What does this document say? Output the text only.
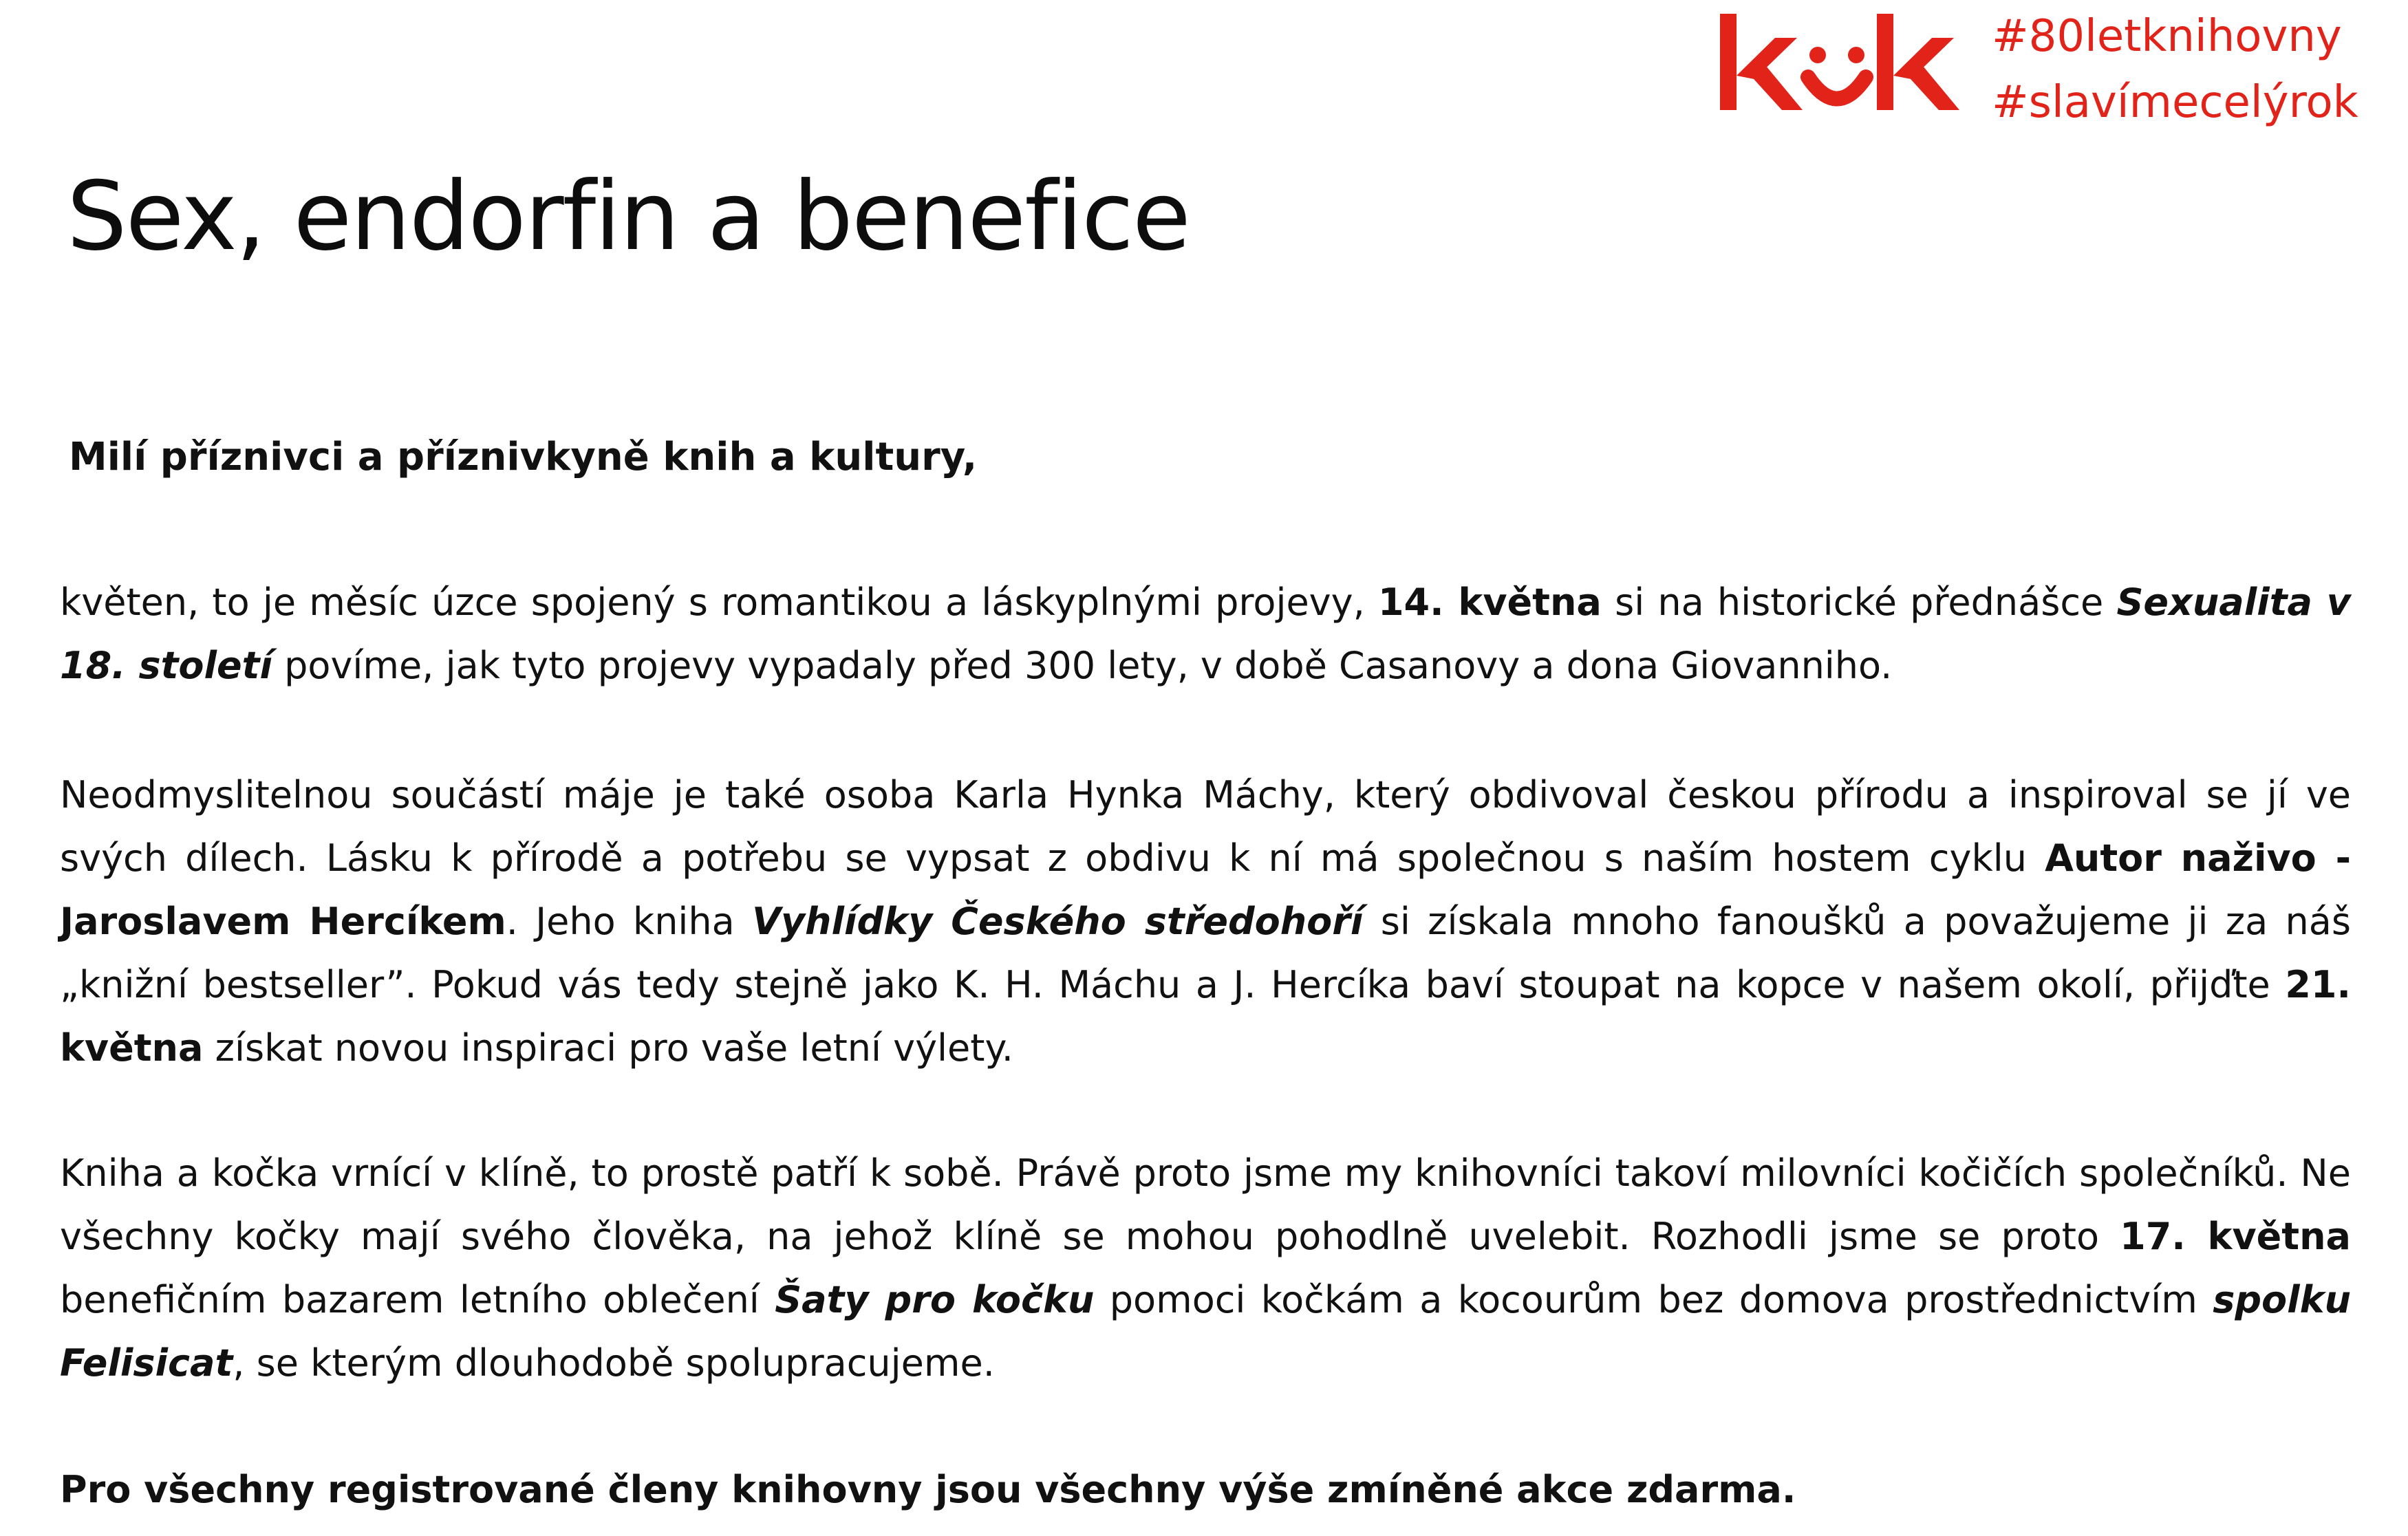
#80letknihovny
#slavímecelýrok
Sex, endorfin a benefice

Milí příznivci a příznivkyně knih a kultury,

květen, to je měsíc úzce spojený s romantikou a láskyplnými projevy, 14. května si na historické přednášce Sexualita v 18. století povíme, jak tyto projevy vypadaly před 300 lety, v době Casanovy a dona Giovanniho.

Neodmyslitelnou součástí máje je také osoba Karla Hynka Máchy, který obdivoval českou přírodu a inspiroval se jí ve svých dílech. Lásku k přírodě a potřebu se vypsat z obdivu k ní má společnou s naším hostem cyklu Autor naživo - Jaroslavem Hercíkem. Jeho kniha Vyhlídky Českého středohoří si získala mnoho fanoušků a považujeme ji za náš „knižní bestseller”. Pokud vás tedy stejně jako K. H. Máchu a J. Hercíka baví stoupat na kopce v našem okolí, přijďte 21. května získat novou inspiraci pro vaše letní výlety.

Kniha a kočka vrnící v klíně, to prostě patří k sobě. Právě proto jsme my knihovníci takoví milovníci kočičích společníků. Ne všechny kočky mají svého člověka, na jehož klíně se mohou pohodlně uvelebit. Rozhodli jsme se proto 17. května benefičním bazarem letního oblečení Šaty pro kočku pomoci kočkám a kocourům bez domova prostřednictvím spolku Felisicat, se kterým dlouhodobě spolupracujeme.

Pro všechny registrované členy knihovny jsou všechny výše zmíněné akce zdarma.
